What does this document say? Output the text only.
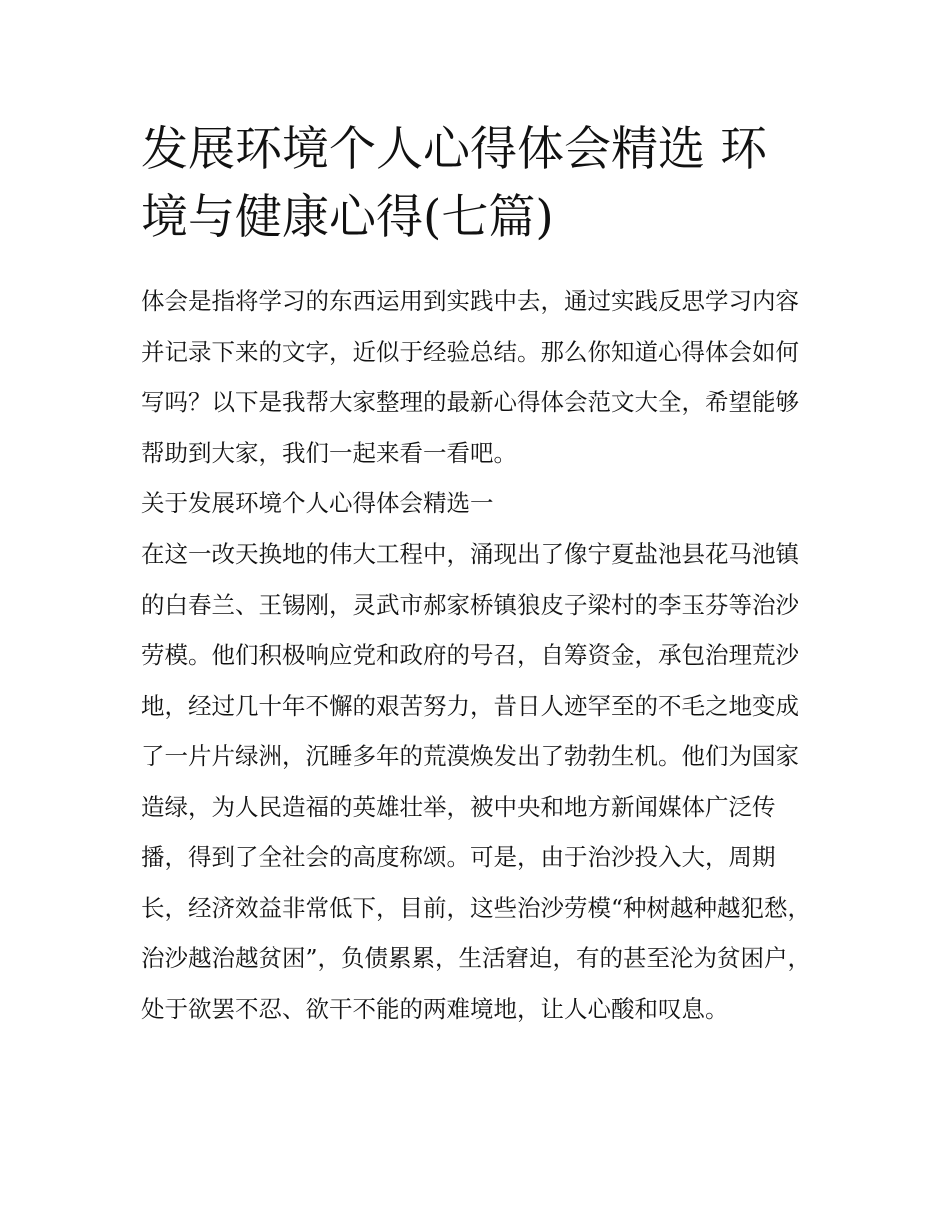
发展环境个人心得体会精选 环境与健康心得(七篇)

体会是指将学习的东西运用到实践中去，通过实践反思学习内容并记录下来的文字，近似于经验总结。那么你知道心得体会如何写吗？以下是我帮大家整理的最新心得体会范文大全，希望能够帮助到大家，我们一起来看一看吧。

关于发展环境个人心得体会精选一

在这一改天换地的伟大工程中，涌现出了像宁夏盐池县花马池镇的白春兰、王锡刚，灵武市郝家桥镇狼皮子梁村的李玉芬等治沙劳模。他们积极响应党和政府的号召，自筹资金，承包治理荒沙地，经过几十年不懈的艰苦努力，昔日人迹罕至的不毛之地变成了一片片绿洲，沉睡多年的荒漠焕发出了勃勃生机。他们为国家造绿，为人民造福的英雄壮举，被中央和地方新闻媒体广泛传播，得到了全社会的高度称颂。可是，由于治沙投入大，周期长，经济效益非常低下，目前，这些治沙劳模“种树越种越犯愁，治沙越治越贫困”，负债累累，生活窘迫，有的甚至沦为贫困户，处于欲罢不忍、欲干不能的两难境地，让人心酸和叹息。
